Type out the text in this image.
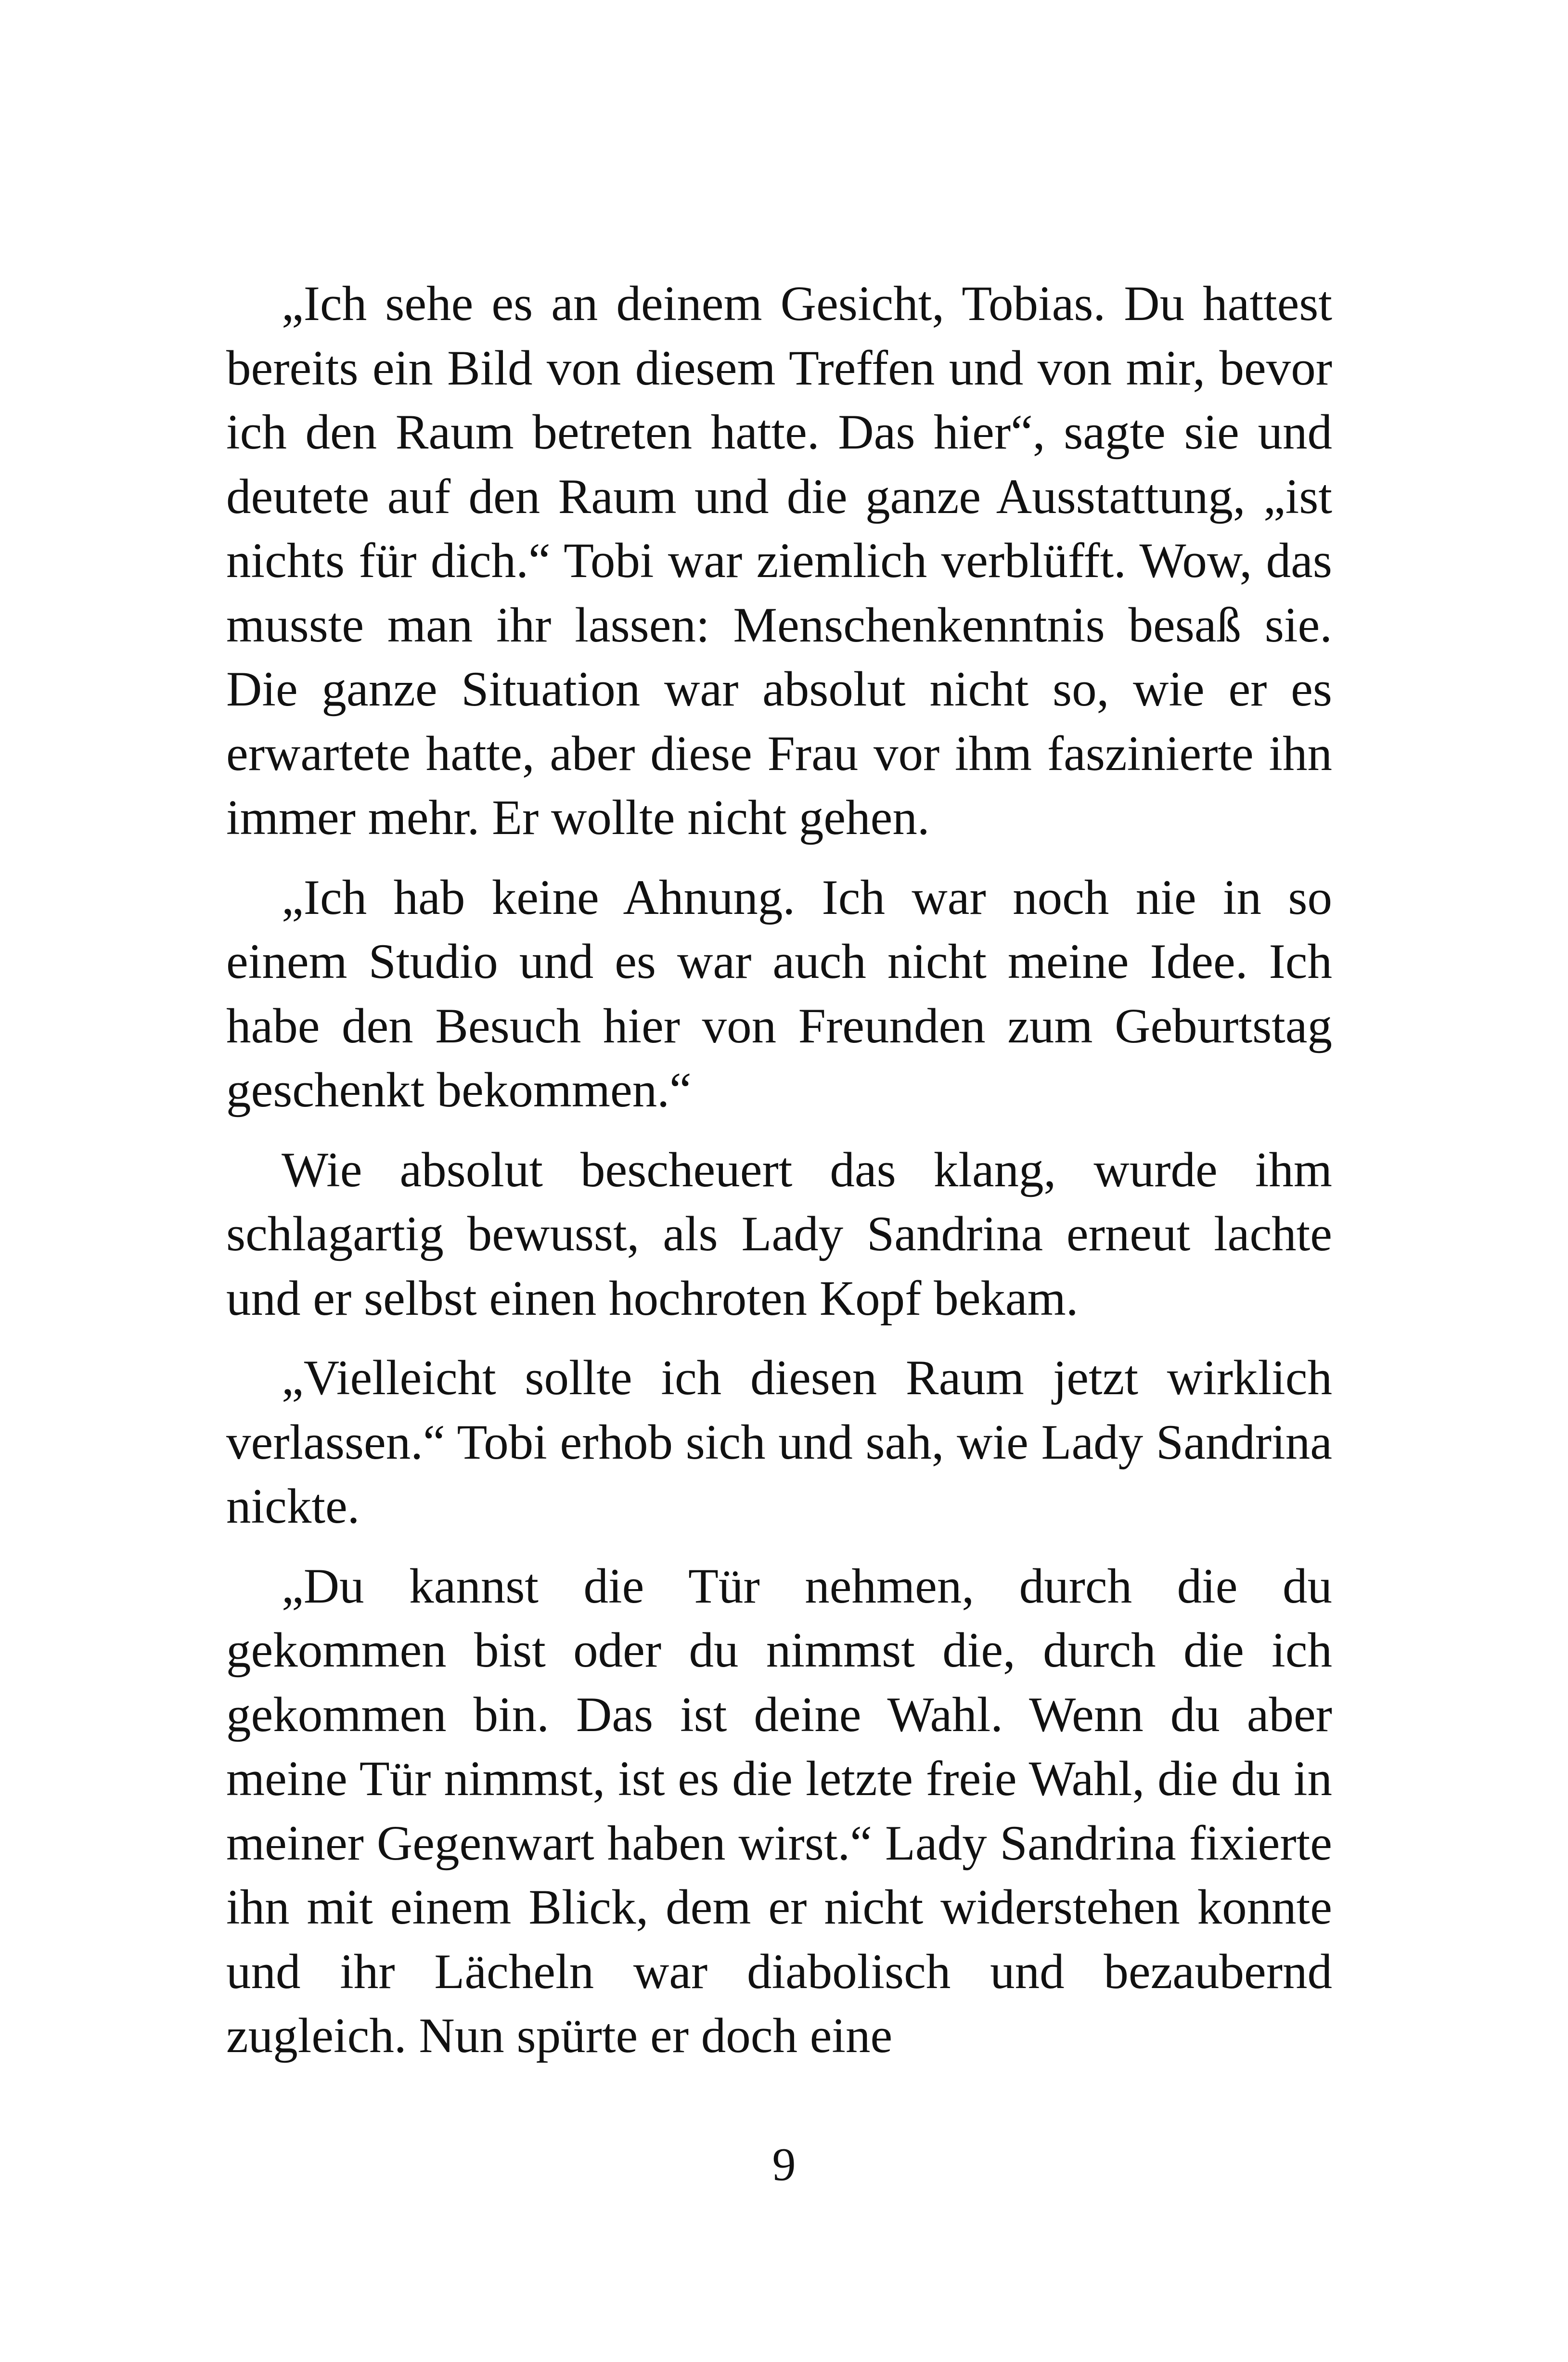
„Ich sehe es an deinem Gesicht, Tobias. Du hattest bereits ein Bild von diesem Treffen und von mir, bevor ich den Raum betreten hatte. Das hier“, sagte sie und deutete auf den Raum und die ganze Ausstattung, „ist nichts für dich.“ Tobi war ziemlich verblüfft. Wow, das musste man ihr lassen: Menschenkenntnis besaß sie. Die ganze Situation war absolut nicht so, wie er es erwartete hatte, aber diese Frau vor ihm faszinierte ihn immer mehr. Er wollte nicht gehen.

„Ich hab keine Ahnung. Ich war noch nie in so einem Studio und es war auch nicht meine Idee. Ich habe den Besuch hier von Freunden zum Geburtstag geschenkt bekommen.“

Wie absolut bescheuert das klang, wurde ihm schlagartig bewusst, als Lady Sandrina erneut lachte und er selbst einen hochroten Kopf bekam.

„Vielleicht sollte ich diesen Raum jetzt wirklich verlassen.“ Tobi erhob sich und sah, wie Lady Sandrina nickte.

„Du kannst die Tür nehmen, durch die du gekommen bist oder du nimmst die, durch die ich gekommen bin. Das ist deine Wahl. Wenn du aber meine Tür nimmst, ist es die letzte freie Wahl, die du in meiner Gegenwart haben wirst.“ Lady Sandrina fixierte ihn mit einem Blick, dem er nicht widerstehen konnte und ihr Lächeln war diabolisch und bezaubernd zugleich. Nun spürte er doch eine

9
